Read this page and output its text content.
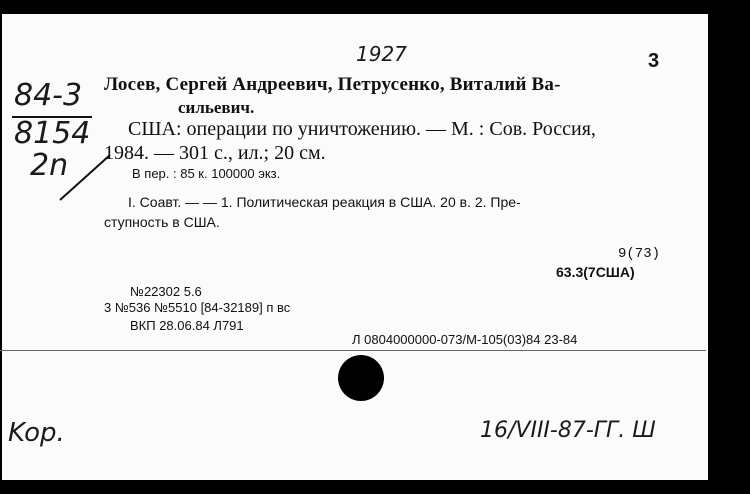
1927	3
84-3
8154
2n
Лосев, Сергей Андреевич, Петрусенко, Виталий Ва-
сильевич.
США: операции по уничтожению. — М. : Сов. Россия,
1984. — 301 с., ил.; 20 см.
В пер. : 85 к. 100000 экз.
I. Соавт. — — 1. Политическая реакция в США. 20 в. 2. Пре-
ступность в США.
9(73)
63.3(7США)
№22302 5.6
3 №536 №5510 [84-32189] п вс
ВКП 28.06.84 Л791
Л 0804000000-073/М-105(03)84 23-84
Kop.	16/VIII-87-ГГ. Ш
